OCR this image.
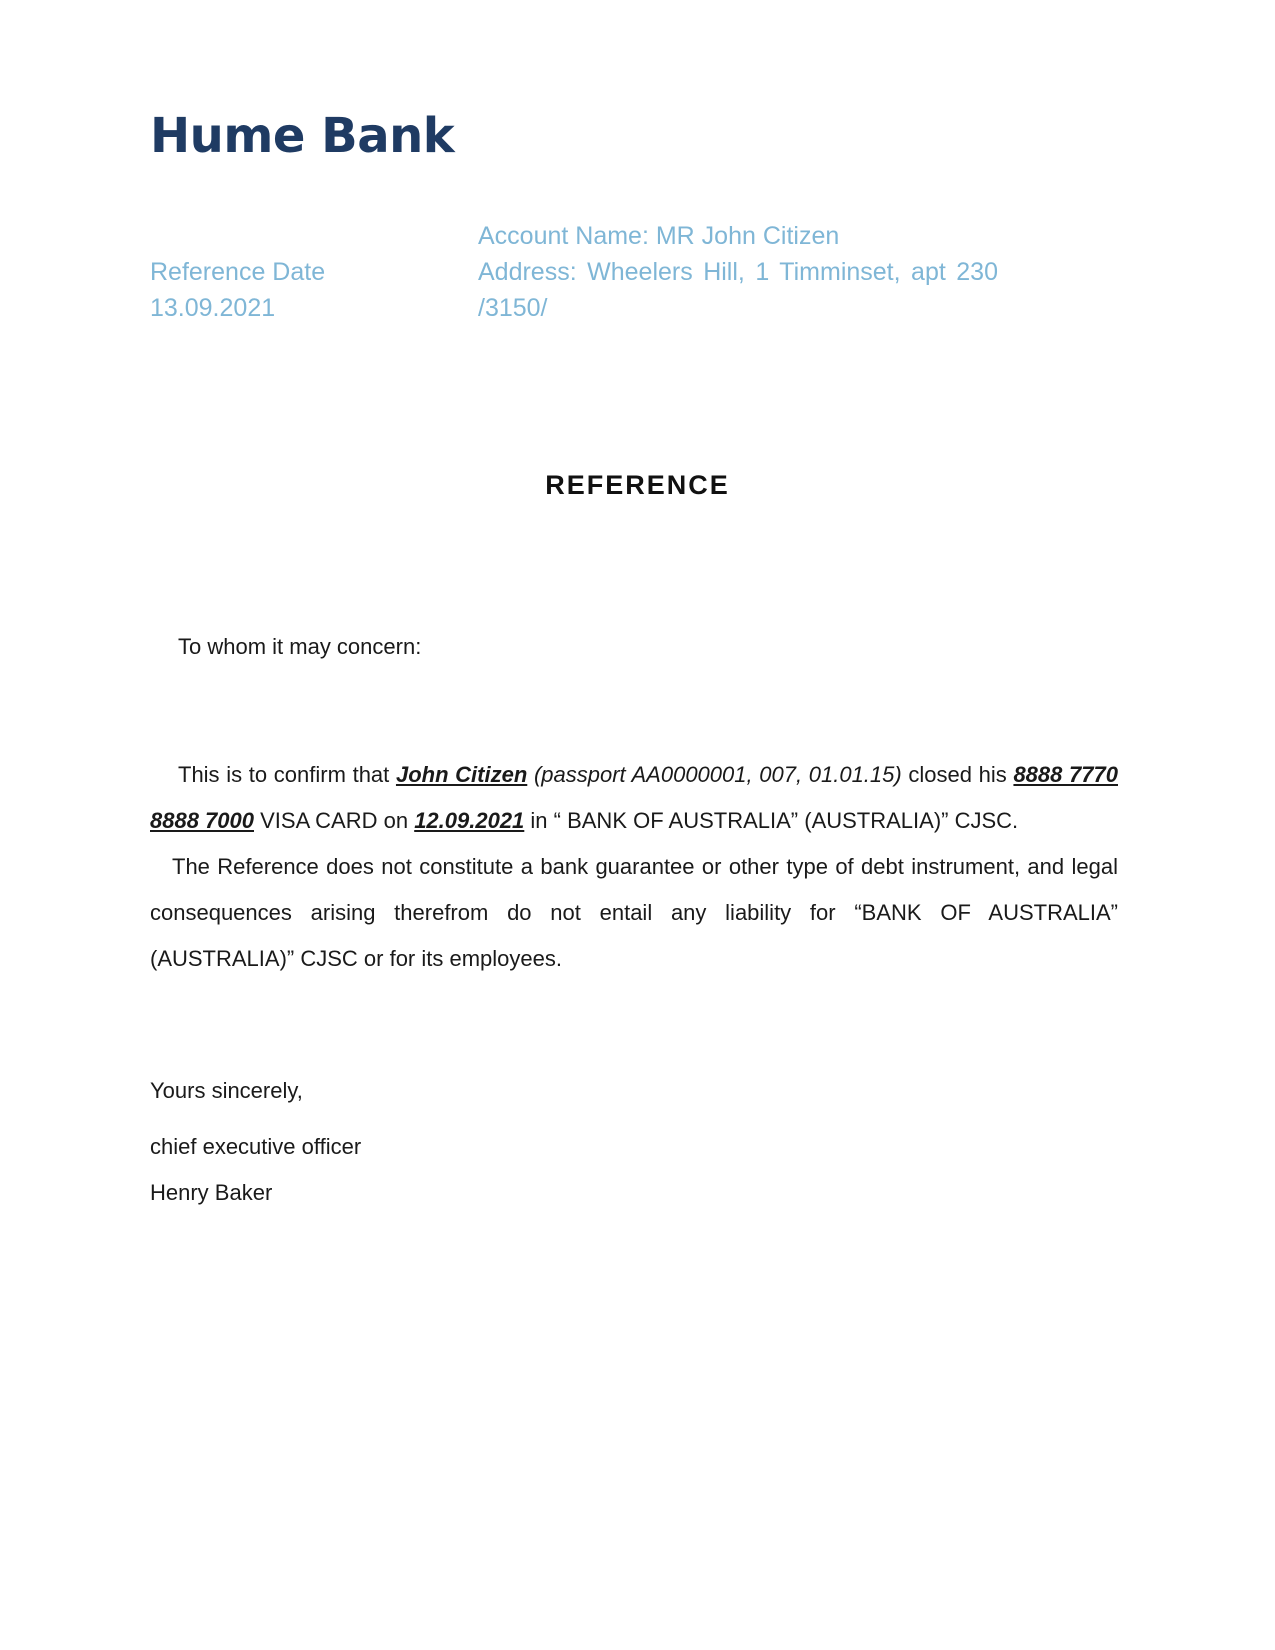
Hume Bank
Reference Date
13.09.2021
Account Name: MR John Citizen
Address: Wheelers Hill, 1 Timminset, apt 230 /3150/
REFERENCE
To whom it may concern:

This is to confirm that John Citizen (passport AA0000001, 007, 01.01.15) closed his 8888 7770 8888 7000 VISA CARD on 12.09.2021 in “ BANK OF AUSTRALIA” (AUSTRALIA)” CJSC.

The Reference does not constitute a bank guarantee or other type of debt instrument, and legal consequences arising therefrom do not entail any liability for “BANK OF AUSTRALIA” (AUSTRALIA)” CJSC or for its employees.

Yours sincerely,
chief executive officer
Henry Baker
